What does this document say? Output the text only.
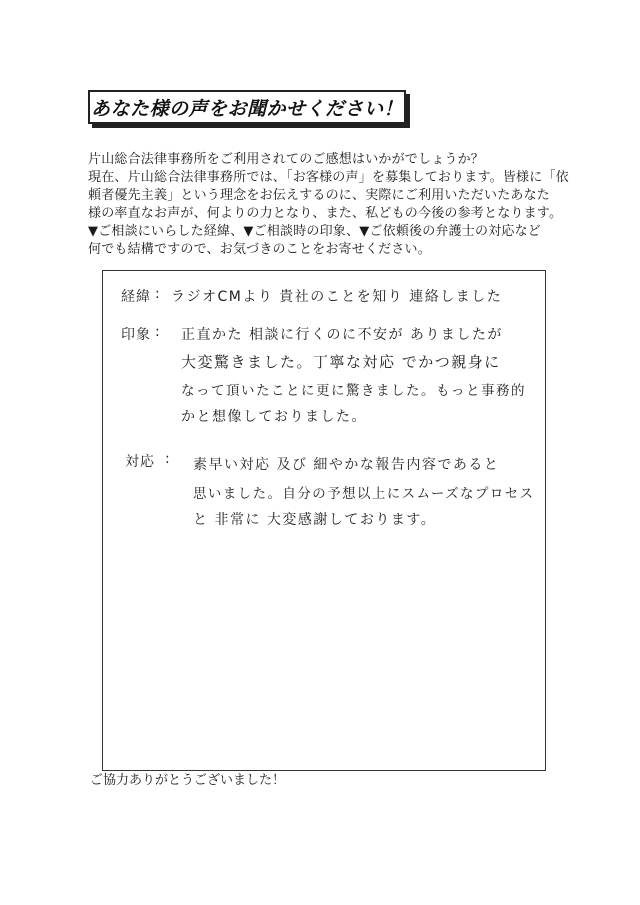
あなた様の声をお聞かせください！
片山総合法律事務所をご利用されてのご感想はいかがでしょうか？
現在、片山総合法律事務所では、「お客様の声」を募集しております。皆様に「依
頼者優先主義」という理念をお伝えするのに、実際にご利用いただいたあなた
様の率直なお声が、何よりの力となり、また、私どもの今後の参考となります。
▼ご相談にいらした経緯、▼ご相談時の印象、▼ご依頼後の弁護士の対応など
何でも結構ですので、お気づきのことをお寄せください。
経緯 : ラジオCMより 貴社のことを知り 連絡しました
印象 : 正直かた 相談に行くのに不安が ありましたが
大変驚きました。丁寧な対応 でかつ親身に
なって頂いたことに更に驚きました。もっと事務的
かと想像しておりました。
対応 : 素早い対応 及び 細やかな報告内容であると
思いました。自分の予想以上にスムーズなプロセス
と 非常に 大変感謝しております。
ご協力ありがとうございました！
